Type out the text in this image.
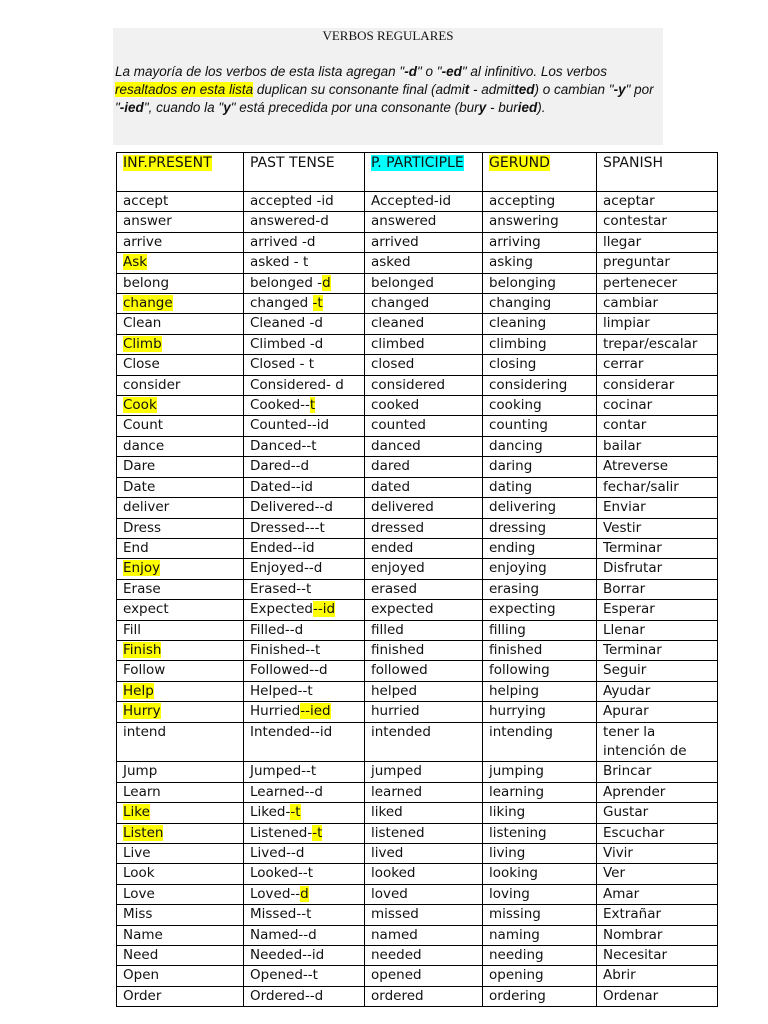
VERBOS REGULARES
La mayoría de los verbos de esta lista agregan "-d" o "-ed" al infinitivo. Los verbos resaltados en esta lista duplican su consonante final (admit - admitted) o cambian "-y" por "-ied", cuando la "y" está precedida por una consonante (bury - buried).
INF.PRESENT	PAST TENSE	P. PARTICIPLE	GERUND	SPANISH
accept	accepted -id	Accepted-id	accepting	aceptar
answer	answered-d	answered	answering	contestar
arrive	arrived -d	arrived	arriving	llegar
Ask	asked - t	asked	asking	preguntar
belong	belonged -d	belonged	belonging	pertenecer
change	changed -t	changed	changing	cambiar
Clean	Cleaned -d	cleaned	cleaning	limpiar
Climb	Climbed -d	climbed	climbing	trepar/escalar
Close	Closed - t	closed	closing	cerrar
consider	Considered- d	considered	considering	considerar
Cook	Cooked--t	cooked	cooking	cocinar
Count	Counted--id	counted	counting	contar
dance	Danced--t	danced	dancing	bailar
Dare	Dared--d	dared	daring	Atreverse
Date	Dated--id	dated	dating	fechar/salir
deliver	Delivered--d	delivered	delivering	Enviar
Dress	Dressed---t	dressed	dressing	Vestir
End	Ended--id	ended	ending	Terminar
Enjoy	Enjoyed--d	enjoyed	enjoying	Disfrutar
Erase	Erased--t	erased	erasing	Borrar
expect	Expected--id	expected	expecting	Esperar
Fill	Filled--d	filled	filling	Llenar
Finish	Finished--t	finished	finished	Terminar
Follow	Followed--d	followed	following	Seguir
Help	Helped--t	helped	helping	Ayudar
Hurry	Hurried--ied	hurried	hurrying	Apurar
intend	Intended--id	intended	intending	tener la intención de
Jump	Jumped--t	jumped	jumping	Brincar
Learn	Learned--d	learned	learning	Aprender
Like	Liked--t	liked	liking	Gustar
Listen	Listened--t	listened	listening	Escuchar
Live	Lived--d	lived	living	Vivir
Look	Looked--t	looked	looking	Ver
Love	Loved--d	loved	loving	Amar
Miss	Missed--t	missed	missing	Extrañar
Name	Named--d	named	naming	Nombrar
Need	Needed--id	needed	needing	Necesitar
Open	Opened--t	opened	opening	Abrir
Order	Ordered--d	ordered	ordering	Ordenar
